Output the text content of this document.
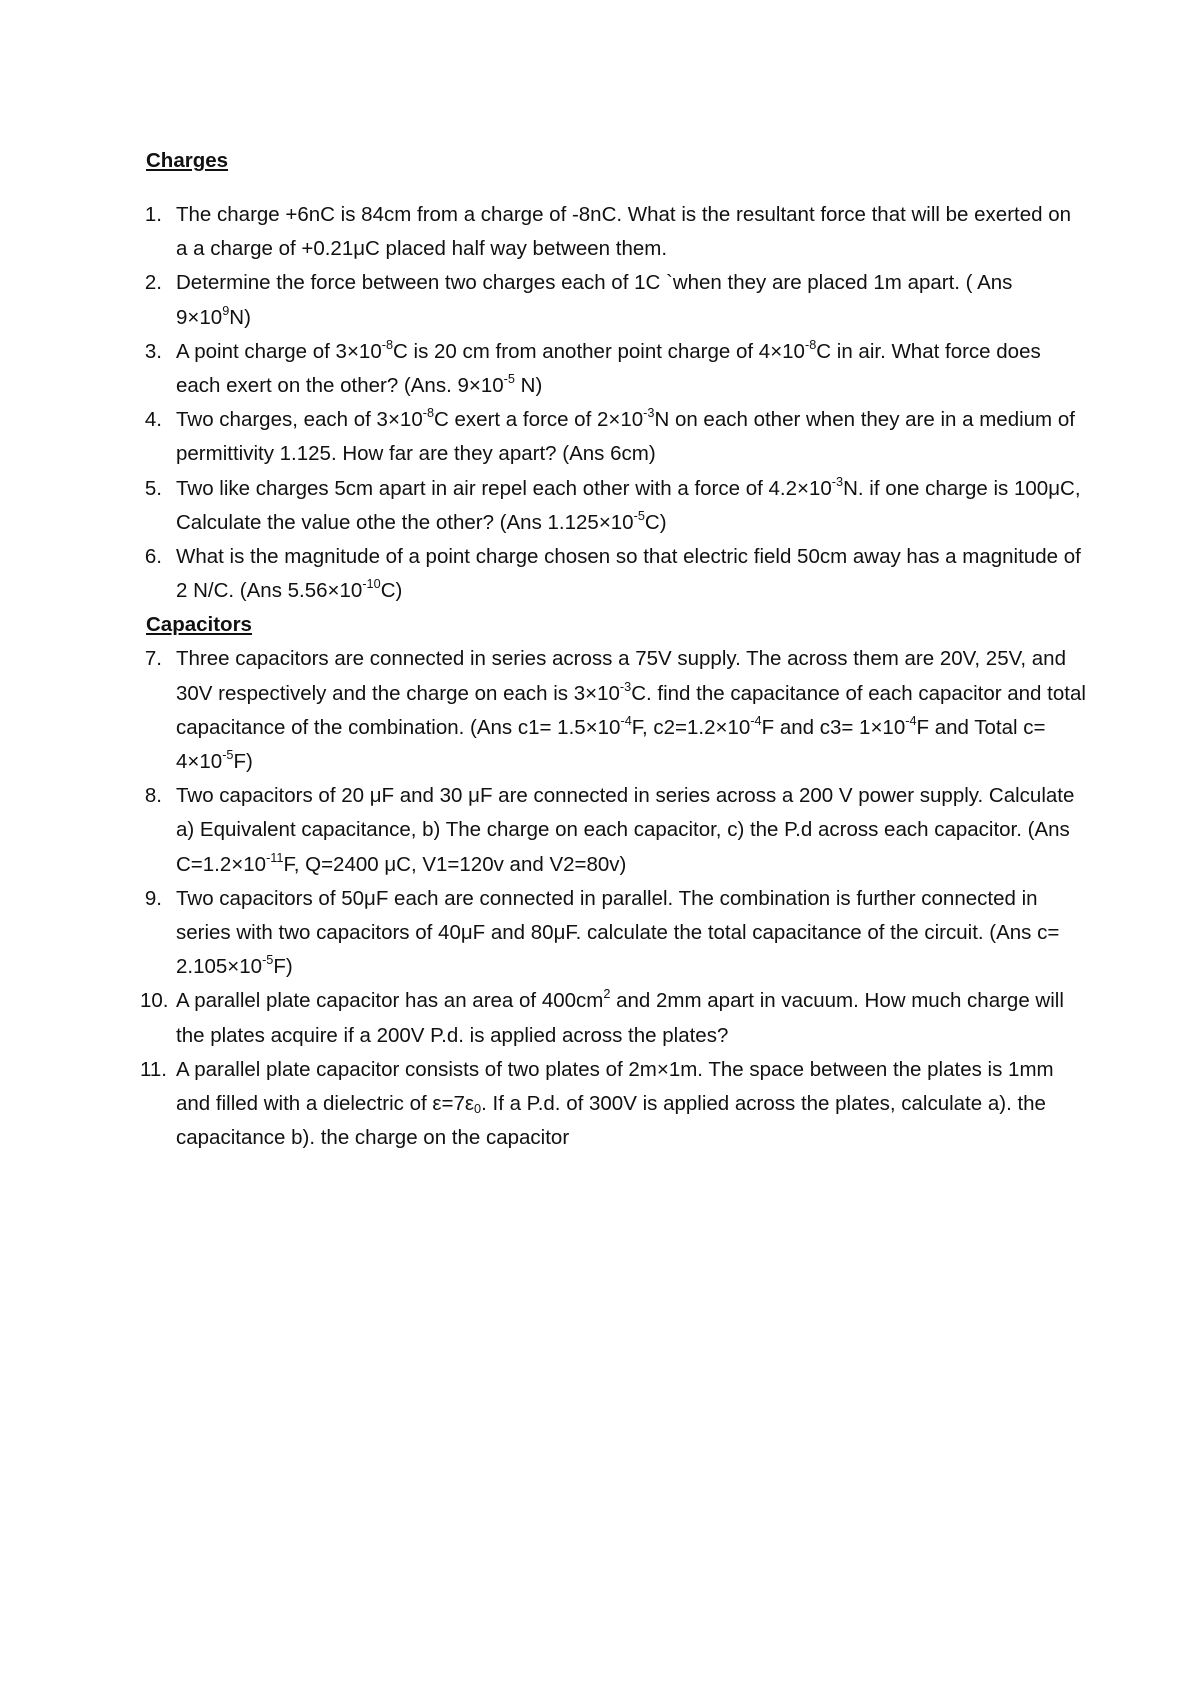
Charges
1. The charge +6nC is 84cm from a charge of -8nC. What is the resultant force that will be exerted on a a charge of +0.21μC placed half way between them.
2. Determine the force between two charges each of 1C `when they are placed 1m apart. ( Ans $9\times 10^9N$)
3. A point charge of $3\times 10^{-8}C$ is 20 cm from another point charge of $4\times 10^{-8}C$ in air. What force does each exert on the other? (Ans. $9\times 10^{-5}$ N)
4. Two charges, each of $3\times 10^{-8}C$ exert a force of $2\times 10^{-3}N$ on each other when they are in a medium of permittivity 1.125. How far are they apart? (Ans 6cm)
5. Two like charges 5cm apart in air repel each other with a force of $4.2\times 10^{-3}N$. if one charge is 100μC, Calculate the value othe the other? (Ans $1.125\times 10^{-5}C$)
6. What is the magnitude of a point charge chosen so that electric field 50cm away has a magnitude of 2 N/C. (Ans $5.56\times 10^{-10}C$)
Capacitors
7. Three capacitors are connected in series across a 75V supply. The across them are 20V, 25V, and 30V respectively and the charge on each is $3\times 10^{-3}C$. find the capacitance of each capacitor and total capacitance of the combination. (Ans $c1= 1.5\times 10^{-4}F$, $c2=1.2\times 10^{-4}F$ and $c3= 1\times 10^{-4}F$ and Total $c= 4\times 10^{-5}F$)
8. Two capacitors of 20 μF and 30 μF are connected in series across a 200 V power supply. Calculate a) Equivalent capacitance, b) The charge on each capacitor, c) the P.d across each capacitor. (Ans $C=1.2\times 10^{-11}F$, Q=2400 μC, V1=120v and V2=80v)
9. Two capacitors of 50μF each are connected in parallel. The combination is further connected in series with two capacitors of 40μF and 80μF. calculate the total capacitance of the circuit. (Ans $c= 2.105\times 10^{-5}F$)
10. A parallel plate capacitor has an area of $400cm^2$ and 2mm apart in vacuum. How much charge will the plates acquire if a 200V P.d. is applied across the plates?
11. A parallel plate capacitor consists of two plates of 2m×1m. The space between the plates is 1mm and filled with a dielectric of $\varepsilon=7\varepsilon_0$. If a P.d. of 300V is applied across the plates, calculate a). the capacitance b). the charge on the capacitor
